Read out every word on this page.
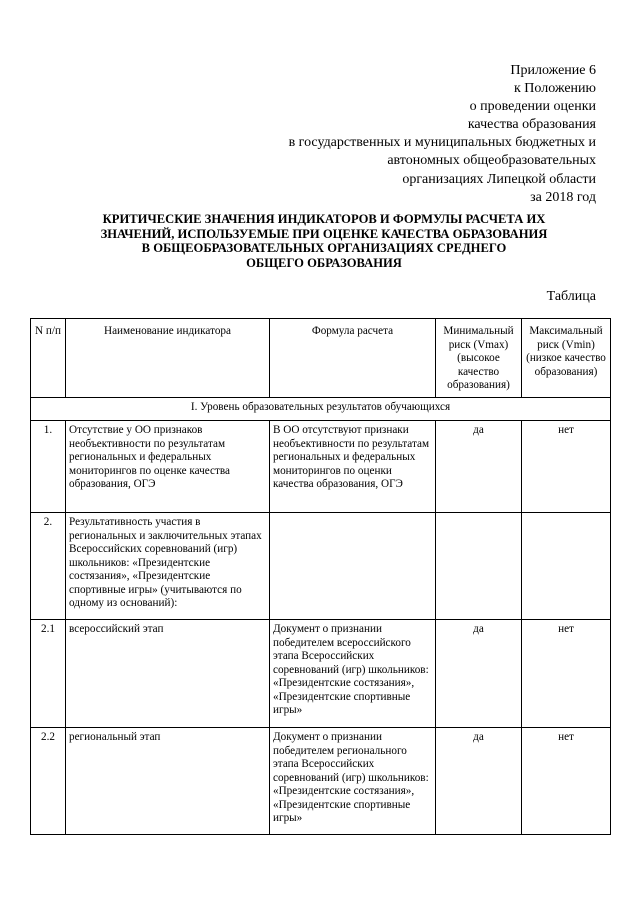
Приложение 6
к Положению
о проведении оценки
качества образования
в государственных и муниципальных бюджетных и
автономных общеобразовательных
организациях Липецкой области
за 2018 год
КРИТИЧЕСКИЕ ЗНАЧЕНИЯ ИНДИКАТОРОВ И ФОРМУЛЫ РАСЧЕТА ИХ
ЗНАЧЕНИЙ, ИСПОЛЬЗУЕМЫЕ ПРИ ОЦЕНКЕ КАЧЕСТВА ОБРАЗОВАНИЯ
В ОБЩЕОБРАЗОВАТЕЛЬНЫХ ОРГАНИЗАЦИЯХ СРЕДНЕГО
ОБЩЕГО ОБРАЗОВАНИЯ
Таблица
N п/п	Наименование индикатора	Формула расчета	Минимальный риск (Vmax) (высокое качество образования)	Максимальный риск (Vmin) (низкое качество образования)
I. Уровень образовательных результатов обучающихся				
1.	Отсутствие у ОО признаков необъективности по результатам региональных и федеральных мониторингов по оценке качества образования, ОГЭ	В ОО отсутствуют признаки необъективности по результатам региональных и федеральных мониторингов по оценки качества образования, ОГЭ	да	нет
2.	Результативность участия в региональных и заключительных этапах Всероссийских соревнований (игр) школьников: «Президентские состязания», «Президентские спортивные игры» (учитываются по одному из оснований):			
2.1	всероссийский этап	Документ о признании победителем всероссийского этапа Всероссийских соревнований (игр) школьников: «Президентские состязания», «Президентские спортивные игры»	да	нет
2.2	региональный этап	Документ о признании победителем регионального этапа Всероссийских соревнований (игр) школьников: «Президентские состязания», «Президентские спортивные игры»	да	нет
